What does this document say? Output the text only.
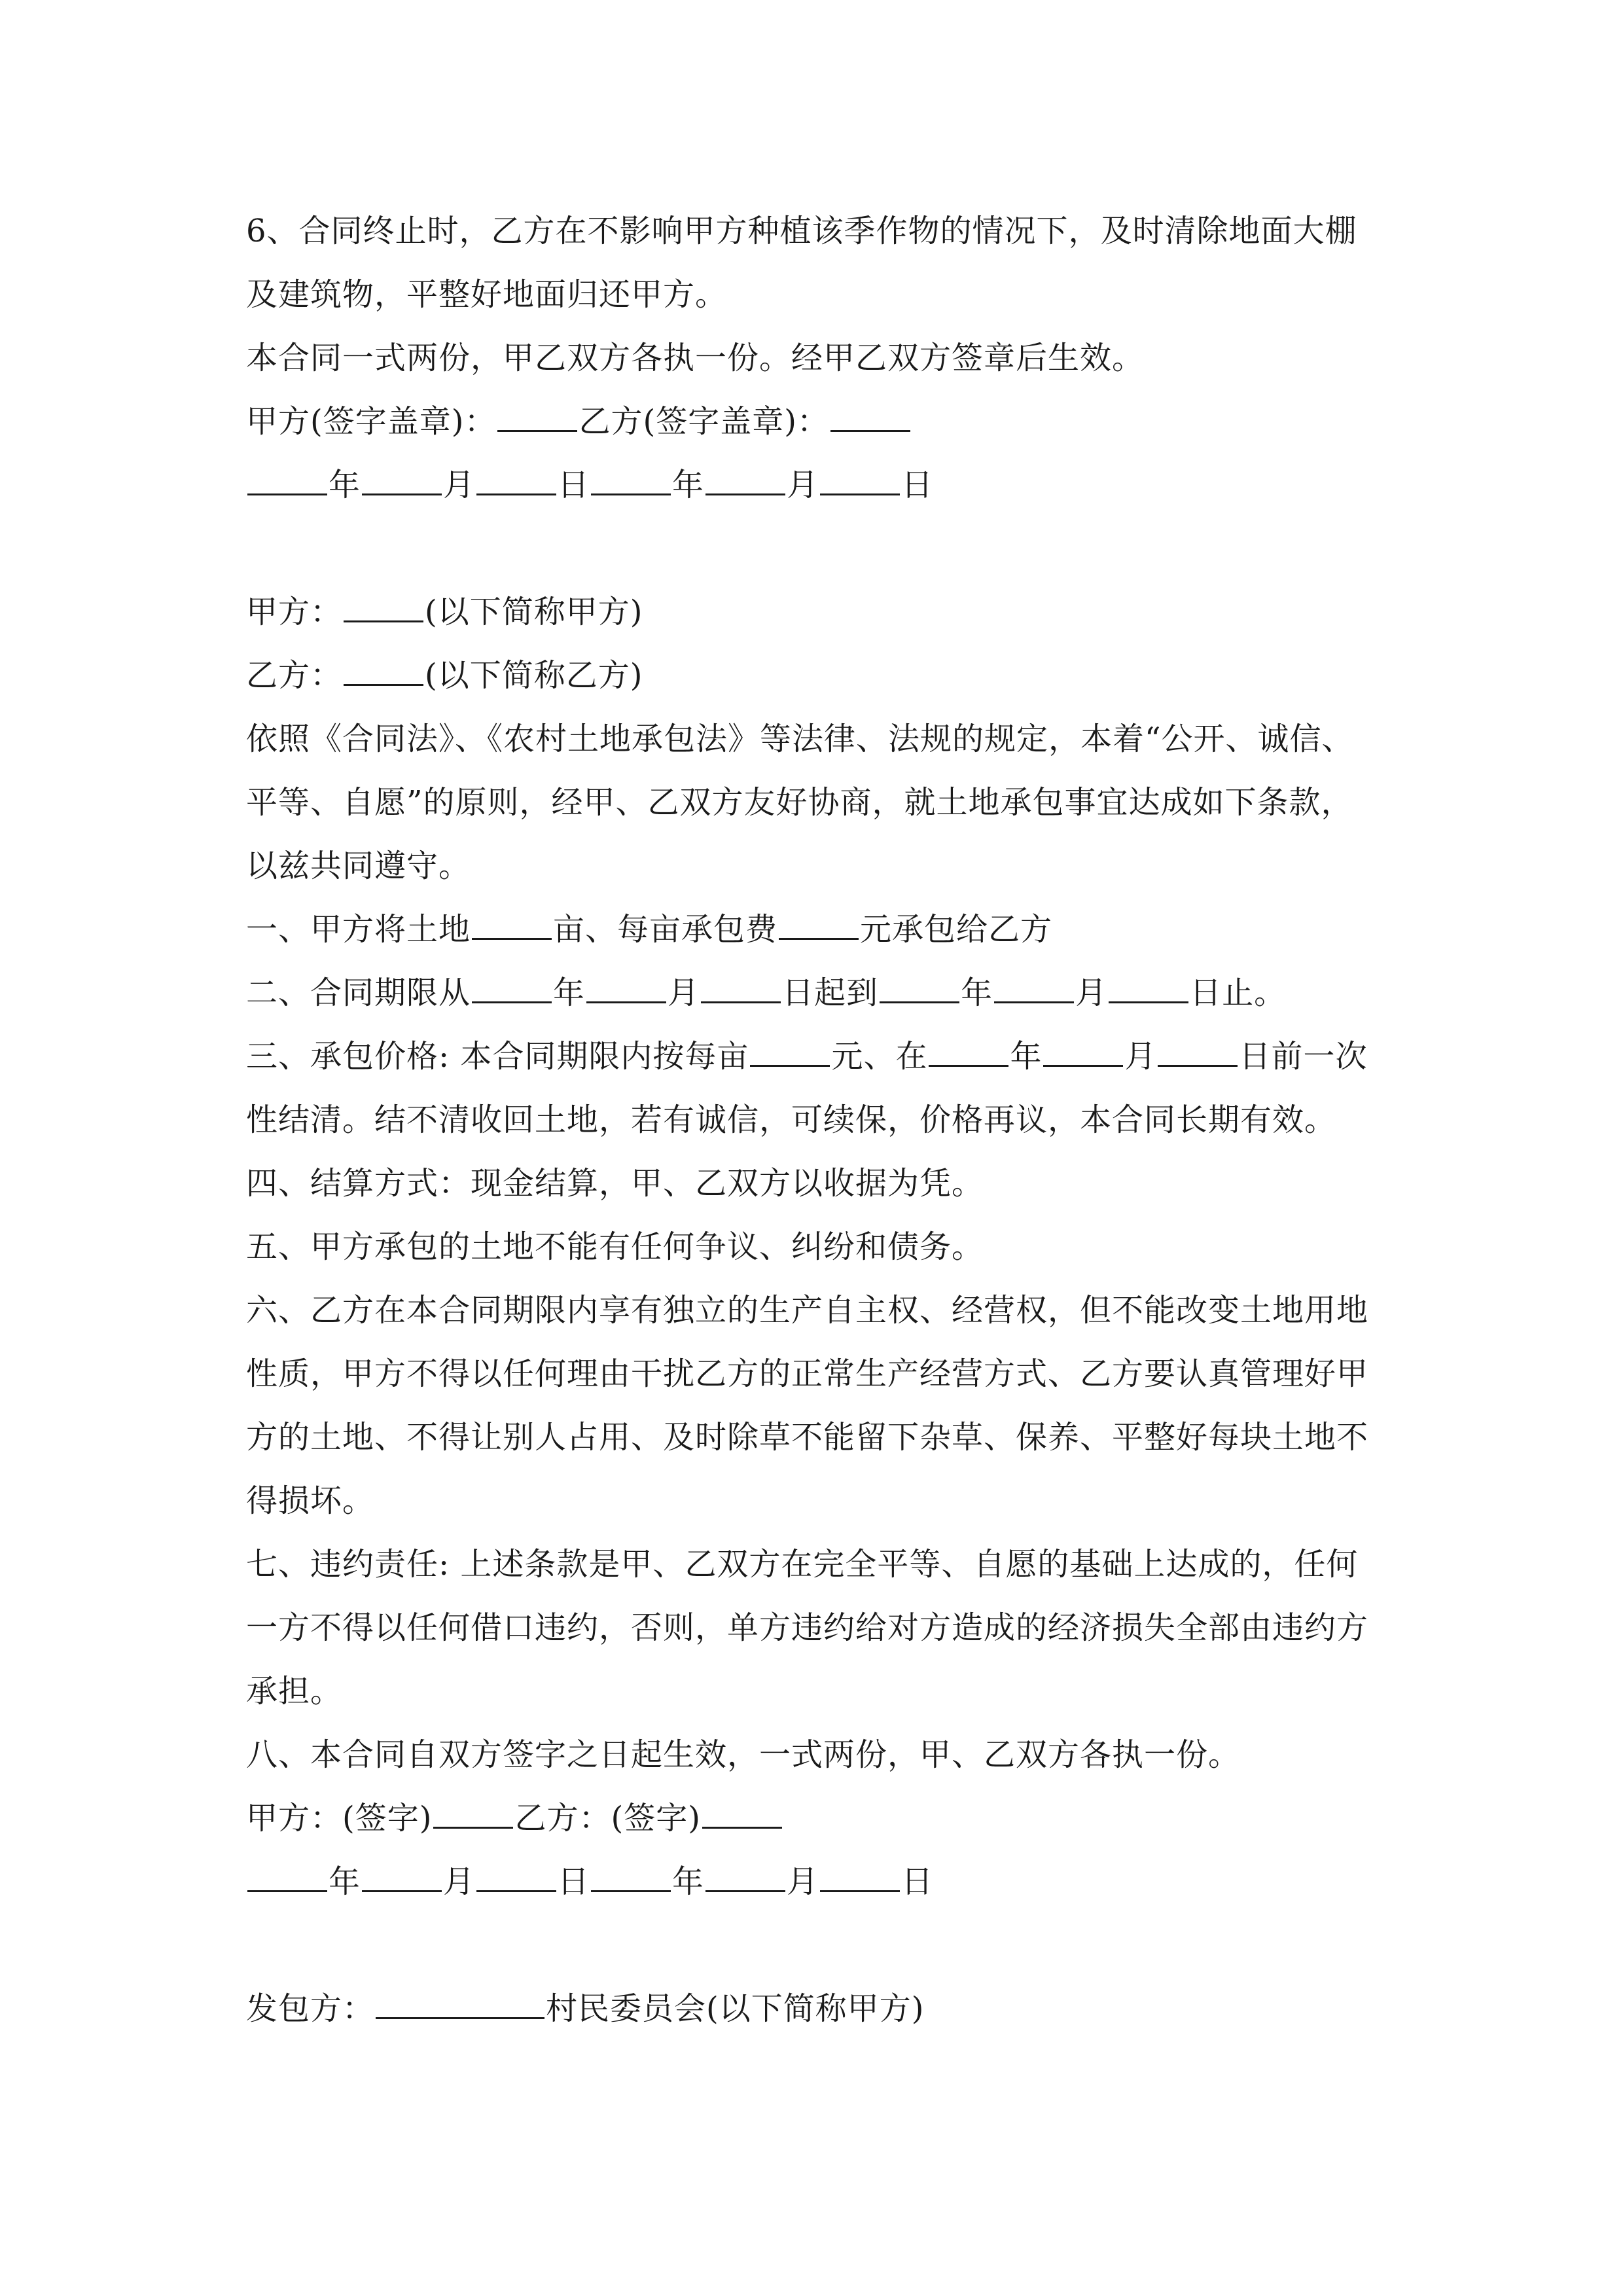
6、合同终止时，乙方在不影响甲方种植该季作物的情况下，及时清除地面大棚
及建筑物，平整好地面归还甲方。
本合同一式两份，甲乙双方各执一份。经甲乙双方签章后生效。
甲方(签字盖章)：	乙方(签字盖章)：
年	月	日	年	月	日
甲方：	(以下简称甲方)
乙方：	(以下简称乙方)
依照《合同法》、《农村土地承包法》等法律、法规的规定，本着“公开、诚信、
平等、自愿”的原则，经甲、乙双方友好协商，就土地承包事宜达成如下条款，
以兹共同遵守。
一、甲方将土地	亩、每亩承包费	元承包给乙方
二、合同期限从	年	月	日起到	年	月	日止。
三、承包价格: 本合同期限内按每亩	元、在	年	月	日前一次
性结清。结不清收回土地，若有诚信，可续保，价格再议，本合同长期有效。
四、结算方式：现金结算，甲、乙双方以收据为凭。
五、甲方承包的土地不能有任何争议、纠纷和债务。
六、乙方在本合同期限内享有独立的生产自主权、经营权，但不能改变土地用地
性质，甲方不得以任何理由干扰乙方的正常生产经营方式、乙方要认真管理好甲
方的土地、不得让别人占用、及时除草不能留下杂草、保养、平整好每块土地不
得损坏。
七、违约责任: 上述条款是甲、乙双方在完全平等、自愿的基础上达成的，任何
一方不得以任何借口违约，否则，单方违约给对方造成的经济损失全部由违约方
承担。
八、本合同自双方签字之日起生效，一式两份，甲、乙双方各执一份。
甲方：(签字)	乙方：(签字)
年	月	日	年	月	日
发包方：	村民委员会(以下简称甲方)
